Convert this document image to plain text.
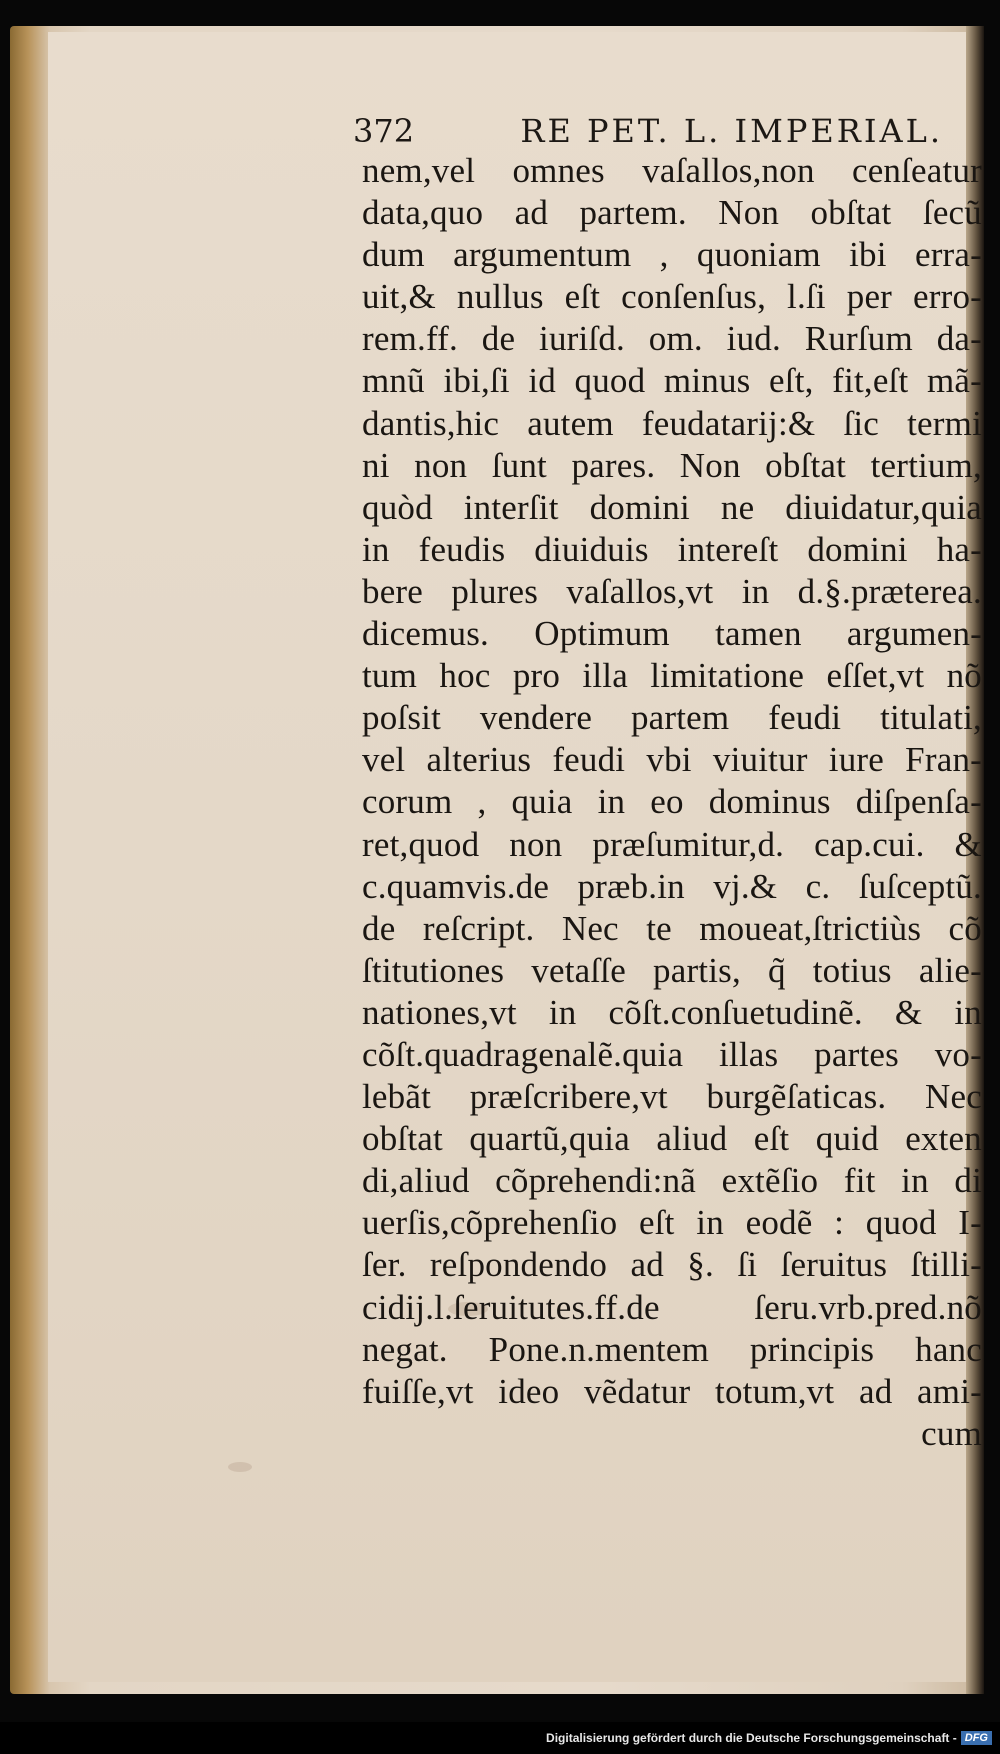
372	RE PET. L. IMPERIAL.
nem,vel omnes vaſallos,non cenſeatur
data,quo ad partem. Non obſtat ſecũ
dum argumentum , quoniam ibi erra-
uit,& nullus eſt conſenſus, l.ſi per erro-
rem.ff. de iuriſd. om. iud. Rurſum da-
mnũ ibi,ſi id quod minus eſt, fit,eſt mã-
dantis,hic autem feudatarij:& ſic termi
ni non ſunt pares. Non obſtat tertium,
quòd interſit domini ne diuidatur,quia
in feudis diuiduis intereſt domini ha-
bere plures vaſallos,vt in d.§.præterea.
dicemus. Optimum tamen argumen-
tum hoc pro illa limitatione eſſet,vt nõ
poſsit vendere partem feudi titulati,
vel alterius feudi vbi viuitur iure Fran-
corum , quia in eo dominus diſpenſa-
ret,quod non præſumitur,d. cap.cui. &
c.quamvis.de præb.in vj.& c. ſuſceptũ.
de reſcript. Nec te moueat,ſtrictiùs cõ
ſtitutiones vetaſſe partis, q̃ totius alie-
nationes,vt in cõſt.conſuetudinẽ. & in
cõſt.quadragenalẽ.quia illas partes vo-
lebãt præſcribere,vt burgẽſaticas. Nec
obſtat quartũ,quia aliud eſt quid exten
di,aliud cõprehendi:nã extẽſio fit in di
uerſis,cõprehenſio eſt in eodẽ : quod I-
ſer. reſpondendo ad §. ſi ſeruitus ſtilli-
cidij.l.ſeruitutes.ff.de ſeru.vrb.pred.nõ
negat. Pone.n.mentem principis hanc
fuiſſe,vt ideo vẽdatur totum,vt ad ami-
cum
Digitalisierung gefördert durch die Deutsche Forschungsgemeinschaft - DFG
